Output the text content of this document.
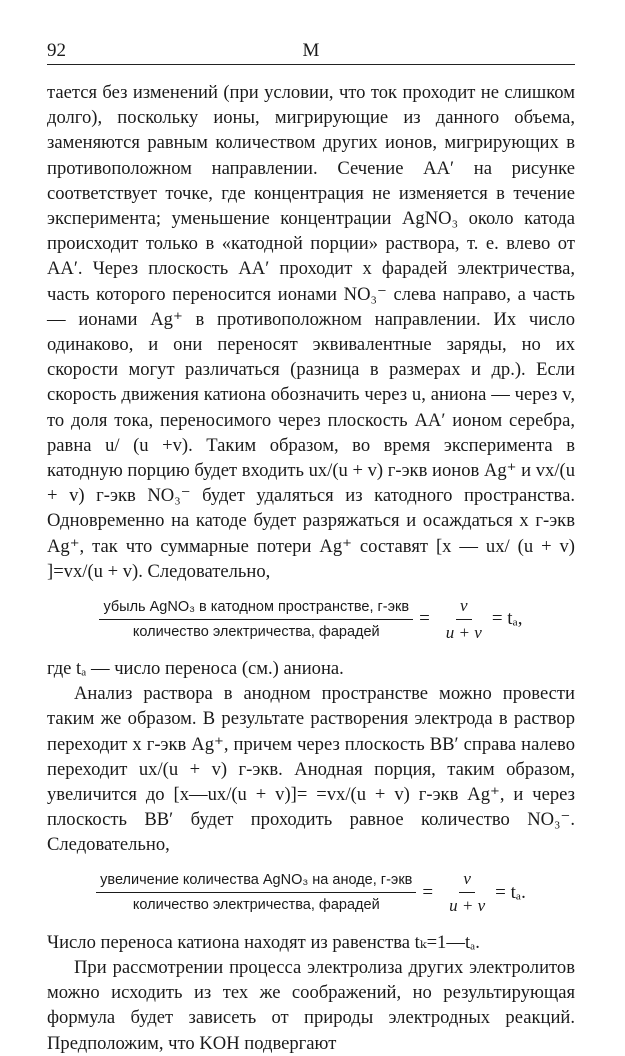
92	М

тается без изменений (при условии, что ток проходит не слишком долго), поскольку ионы, мигрирующие из данного объема, заменяются равным количеством других ионов, мигрирующих в противоположном направлении. Сечение AA′ на рисунке соответствует точке, где концентрация не изменяется в течение эксперимента; уменьшение концентрации AgNO₃ около катода происходит только в «катодной порции» раствора, т. е. влево от AA′. Через плоскость AA′ проходит x фарадей электричества, часть которого переносится ионами NO₃⁻ слева направо, а часть — ионами Ag⁺ в противоположном направлении. Их число одинаково, и они переносят эквивалентные заряды, но их скорости могут различаться (разница в размерах и др.). Если скорость движения катиона обозначить через u, аниона — через v, то доля тока, переносимого через плоскость AA′ ионом серебра, равна u/ (u +v). Таким образом, во время эксперимента в катодную порцию будет входить ux/(u + v) г-экв ионов Ag⁺ и vx/(u + v) г-экв NO₃⁻ будет удаляться из катодного пространства. Одновременно на катоде будет разряжаться и осаждаться x г-экв Ag⁺, так что суммарные потери Ag⁺ составят [x — ux/ (u + v) ]=vx/(u + v). Следовательно,

$\frac{\text{убыль AgNO₃ в катодном пространстве, г-экв}}{\text{количество электричества, фарадей}} = \frac{v}{u + v} = t_a$,

где tₐ — число переноса (см.) аниона.

Анализ раствора в анодном пространстве можно провести таким же образом. В результате растворения электрода в раствор переходит x г-экв Ag⁺, причем через плоскость BB′ справа налево переходит ux/(u + v) г-экв. Анодная порция, таким образом, увеличится до [x—ux/(u + v)]= =vx/(u + v) г-экв Ag⁺, и через плоскость BB′ будет проходить равное количество NO₃⁻. Следовательно,

$\frac{\text{увеличение количества AgNO₃ на аноде, г-экв}}{\text{количество электричества, фарадей}} = \frac{v}{u + v} = t_a$.

Число переноса катиона находят из равенства tₖ=1—tₐ.

При рассмотрении процесса электролиза других электролитов можно исходить из тех же соображений, но результирующая формула будет зависеть от природы электродных реакций. Предположим, что KOH подвергают
